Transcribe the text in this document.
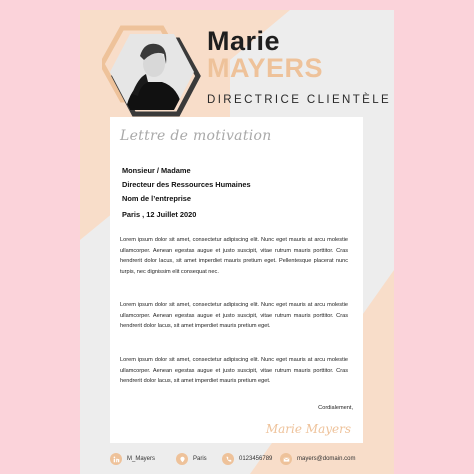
Marie
MAYERS
DIRECTRICE CLIENTÈLE
Lettre de motivation
Monsieur / Madame
Directeur des Ressources Humaines
Nom de l’entreprise
Paris , 12 Juillet 2020
Lorem ipsum dolor sit amet, consectetur adipiscing elit. Nunc eget mauris at arcu molestie ullamcorper. Aenean egestas augue et justo suscipit, vitae rutrum mauris porttitor. Cras hendrerit dolor lacus, sit amet imperdiet mauris pretium eget. Pellentesque placerat nunc turpis, nec dignissim elit consequat nec.
Lorem ipsum dolor sit amet, consectetur adipiscing elit. Nunc eget mauris at arcu molestie ullamcorper. Aenean egestas augue et justo suscipit, vitae rutrum mauris porttitor. Cras hendrerit dolor lacus, sit amet imperdiet mauris pretium eget.
Lorem ipsum dolor sit amet, consectetur adipiscing elit. Nunc eget mauris at arcu molestie ullamcorper. Aenean egestas augue et justo suscipit, vitae rutrum mauris porttitor. Cras hendrerit dolor lacus, sit amet imperdiet mauris pretium eget.
Cordialement,
Marie Mayers
M_Mayers	Paris	0123456789	mayers@domain.com
